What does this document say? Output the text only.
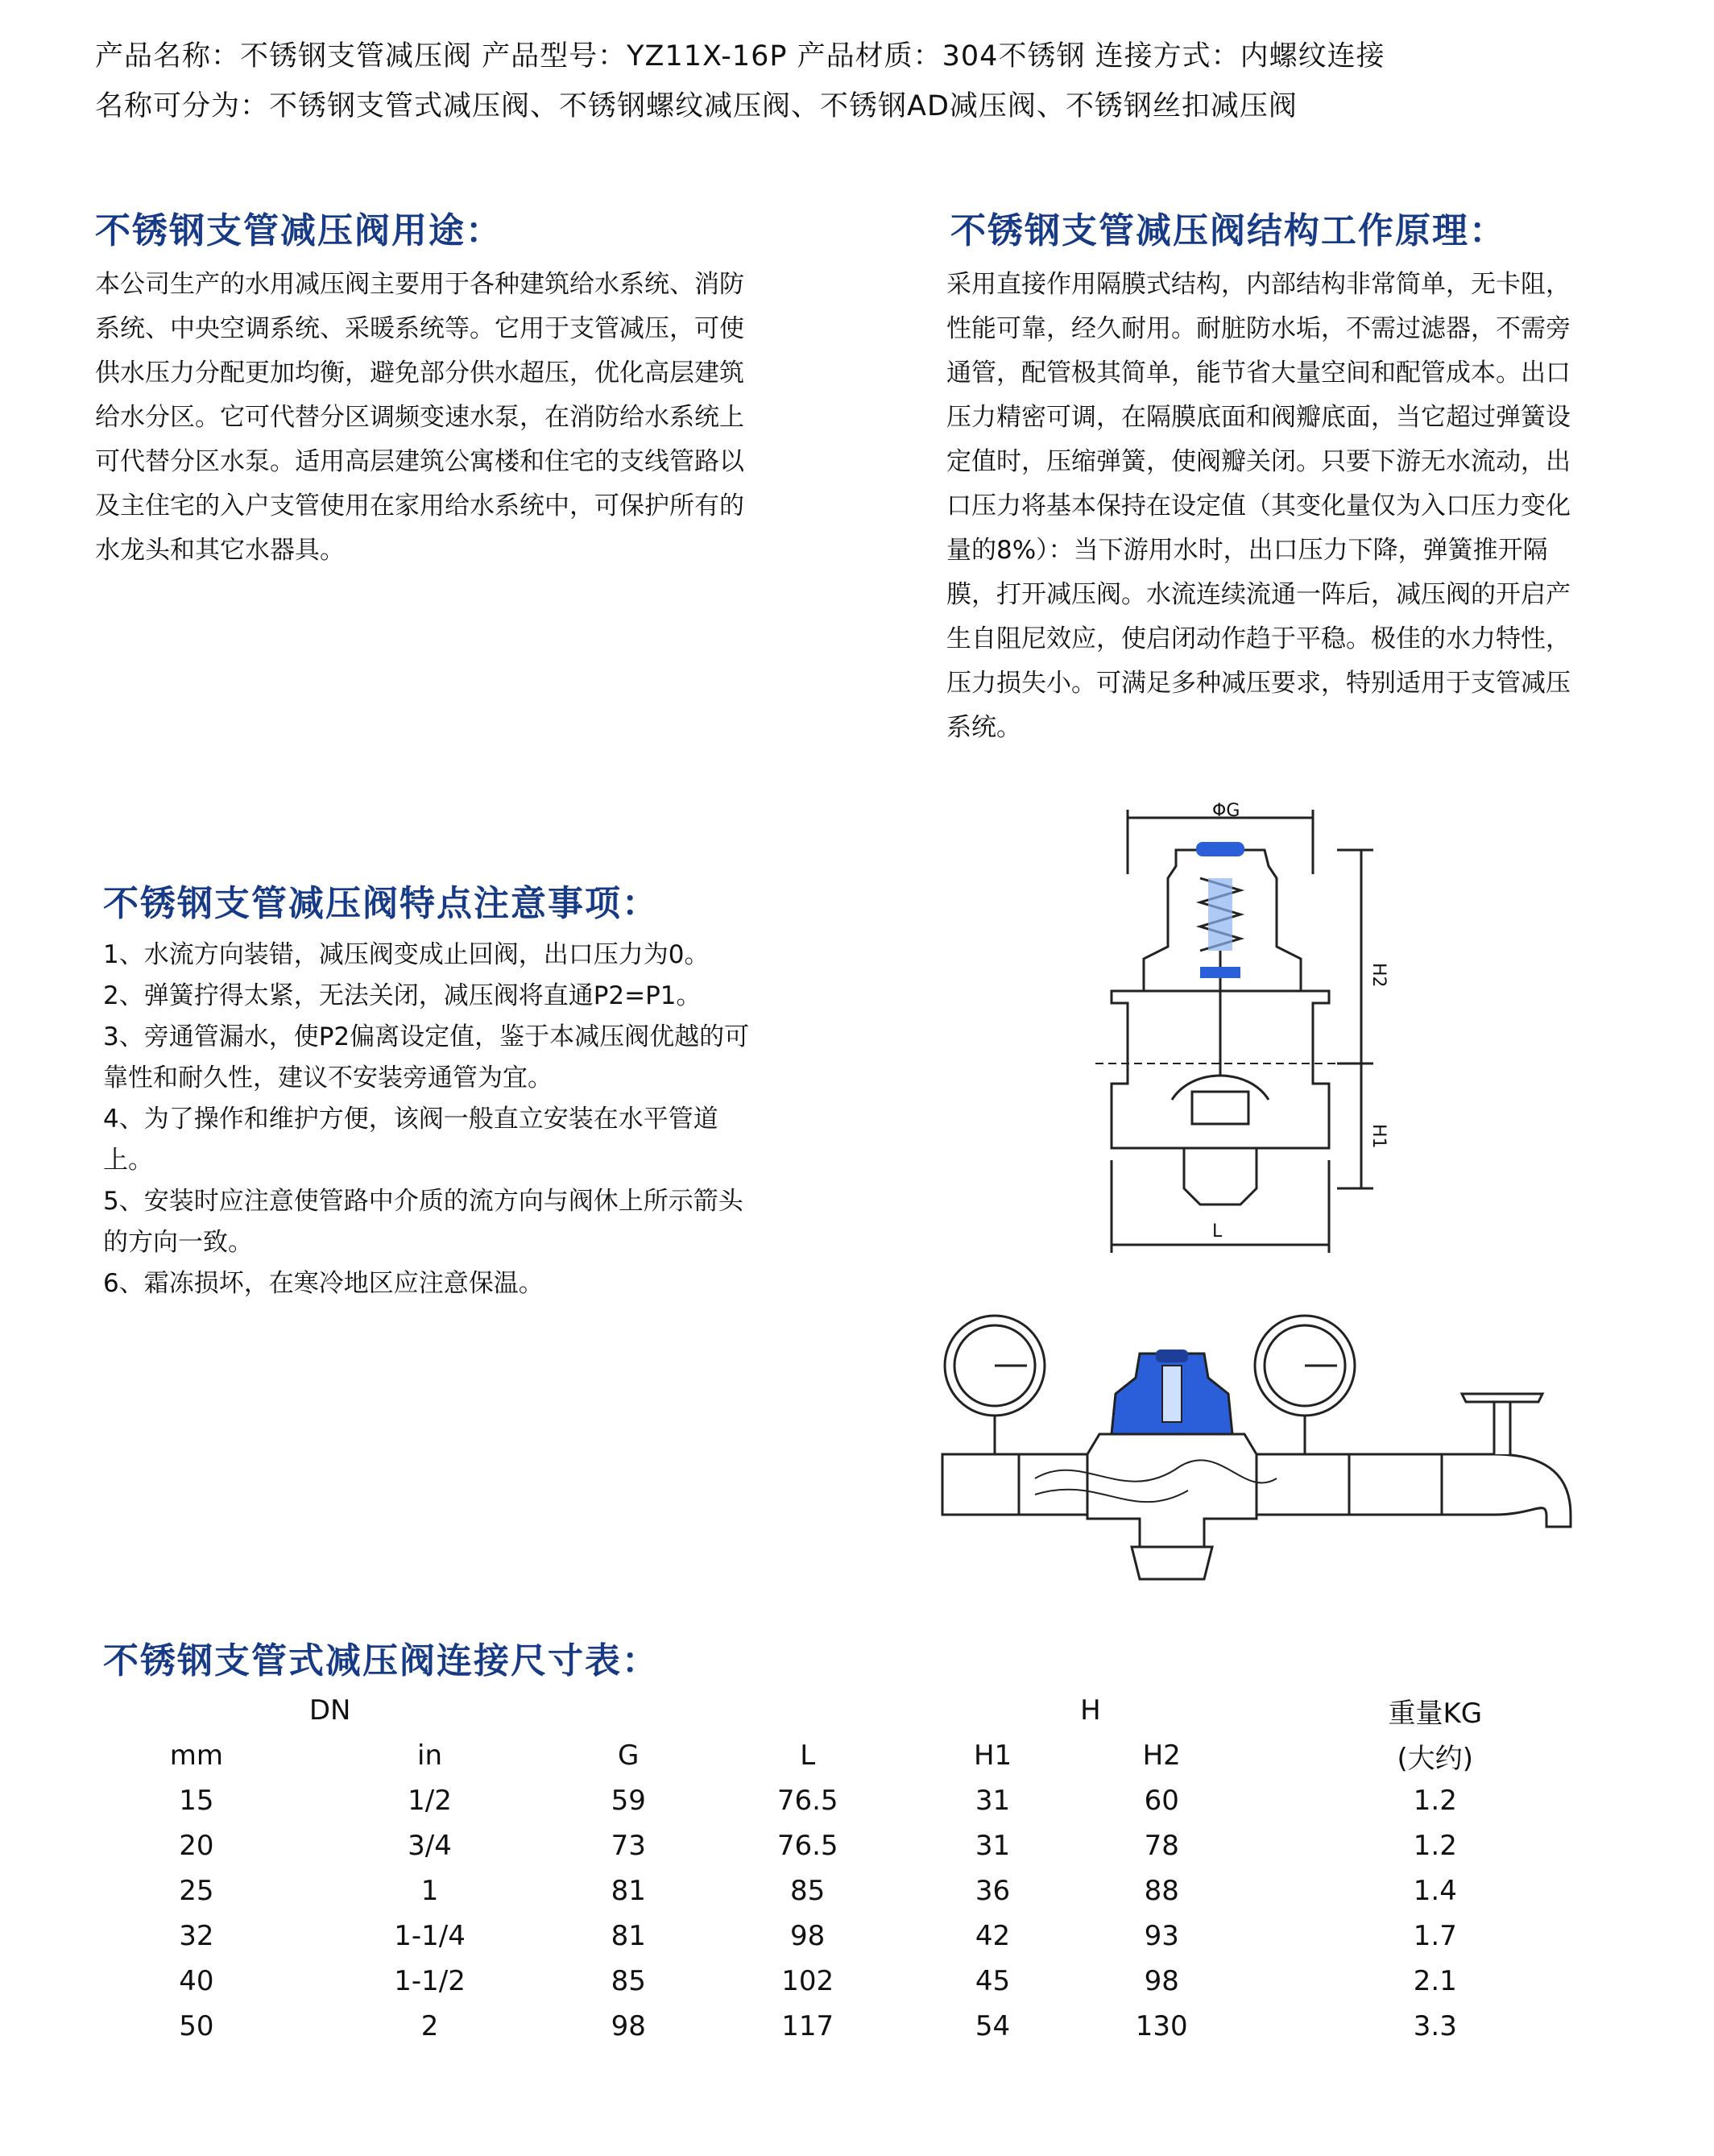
产品名称：不锈钢支管减压阀 产品型号：YZ11X-16P 产品材质：304不锈钢 连接方式：内螺纹连接
名称可分为：不锈钢支管式减压阀、不锈钢螺纹减压阀、不锈钢AD减压阀、不锈钢丝扣减压阀
不锈钢支管减压阀用途：
本公司生产的水用减压阀主要用于各种建筑给水系统、消防
系统、中央空调系统、采暖系统等。它用于支管减压，可使
供水压力分配更加均衡，避免部分供水超压，优化高层建筑
给水分区。它可代替分区调频变速水泵，在消防给水系统上
可代替分区水泵。适用高层建筑公寓楼和住宅的支线管路以
及主住宅的入户支管使用在家用给水系统中，可保护所有的
水龙头和其它水器具。
不锈钢支管减压阀结构工作原理：
采用直接作用隔膜式结构，内部结构非常简单，无卡阻，
性能可靠，经久耐用。耐脏防水垢，不需过滤器，不需旁
通管，配管极其简单，能节省大量空间和配管成本。出口
压力精密可调，在隔膜底面和阀瓣底面，当它超过弹簧设
定值时，压缩弹簧，使阀瓣关闭。只要下游无水流动，出
口压力将基本保持在设定值（其变化量仅为入口压力变化
量的8%）：当下游用水时，出口压力下降，弹簧推开隔
膜，打开减压阀。水流连续流通一阵后，减压阀的开启产
生自阻尼效应，使启闭动作趋于平稳。极佳的水力特性，
压力损失小。可满足多种减压要求，特别适用于支管减压
系统。
不锈钢支管减压阀特点注意事项：
1、水流方向装错，减压阀变成止回阀，出口压力为0。
2、弹簧拧得太紧，无法关闭，减压阀将直通P2=P1。
3、旁通管漏水，使P2偏离设定值，鉴于本减压阀优越的可
靠性和耐久性，建议不安装旁通管为宜。
4、为了操作和维护方便，该阀一般直立安装在水平管道
上。
5、安装时应注意使管路中介质的流方向与阀休上所示箭头
的方向一致。
6、霜冻损坏，在寒冷地区应注意保温。
ΦG
H2
H1
L
不锈钢支管式减压阀连接尺寸表：
DN				H		重量KG
mm	in	G	L	H1	H2	(大约)
15	1/2	59	76.5	31	60	1.2
20	3/4	73	76.5	31	78	1.2
25	1	81	85	36	88	1.4
32	1-1/4	81	98	42	93	1.7
40	1-1/2	85	102	45	98	2.1
50	2	98	117	54	130	3.3
